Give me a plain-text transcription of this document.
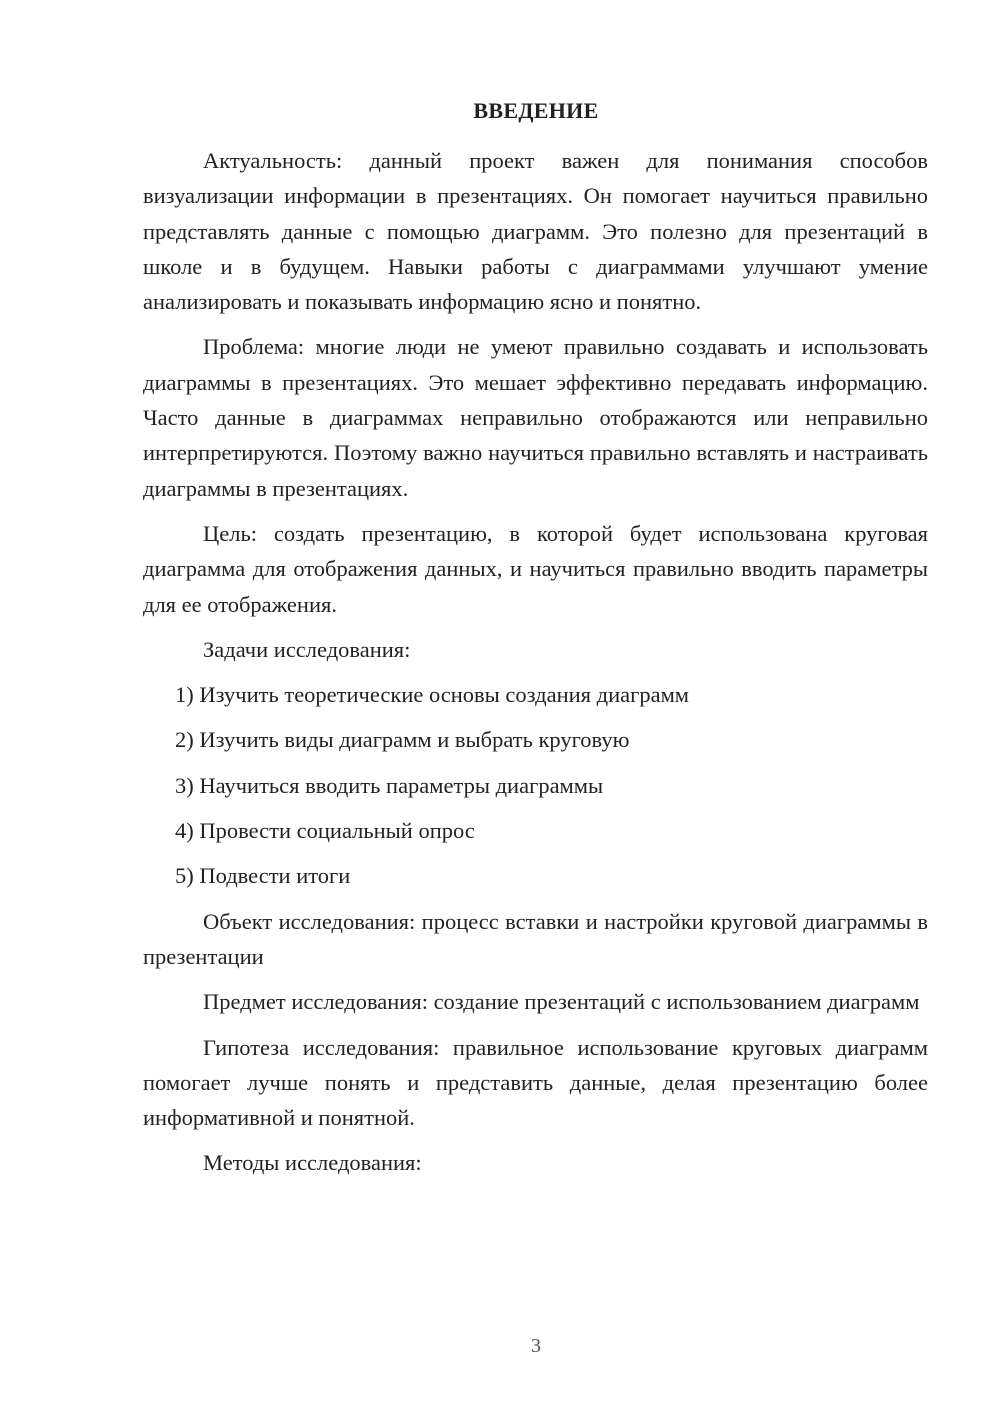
ВВЕДЕНИЕ

Актуальность: данный проект важен для понимания способов визуализации информации в презентациях. Он помогает научиться правильно представлять данные с помощью диаграмм. Это полезно для презентаций в школе и в будущем. Навыки работы с диаграммами улучшают умение анализировать и показывать информацию ясно и понятно.

Проблема: многие люди не умеют правильно создавать и использовать диаграммы в презентациях. Это мешает эффективно передавать информацию. Часто данные в диаграммах неправильно отображаются или неправильно интерпретируются. Поэтому важно научиться правильно вставлять и настраивать диаграммы в презентациях.

Цель: создать презентацию, в которой будет использована круговая диаграмма для отображения данных, и научиться правильно вводить параметры для ее отображения.

Задачи исследования:

1) Изучить теоретические основы создания диаграмм

2) Изучить виды диаграмм и выбрать круговую

3) Научиться вводить параметры диаграммы

4) Провести социальный опрос

5) Подвести итоги

Объект исследования: процесс вставки и настройки круговой диаграммы в презентации

Предмет исследования: создание презентаций с использованием диаграмм

Гипотеза исследования: правильное использование круговых диаграмм помогает лучше понять и представить данные, делая презентацию более информативной и понятной.

Методы исследования:

3
